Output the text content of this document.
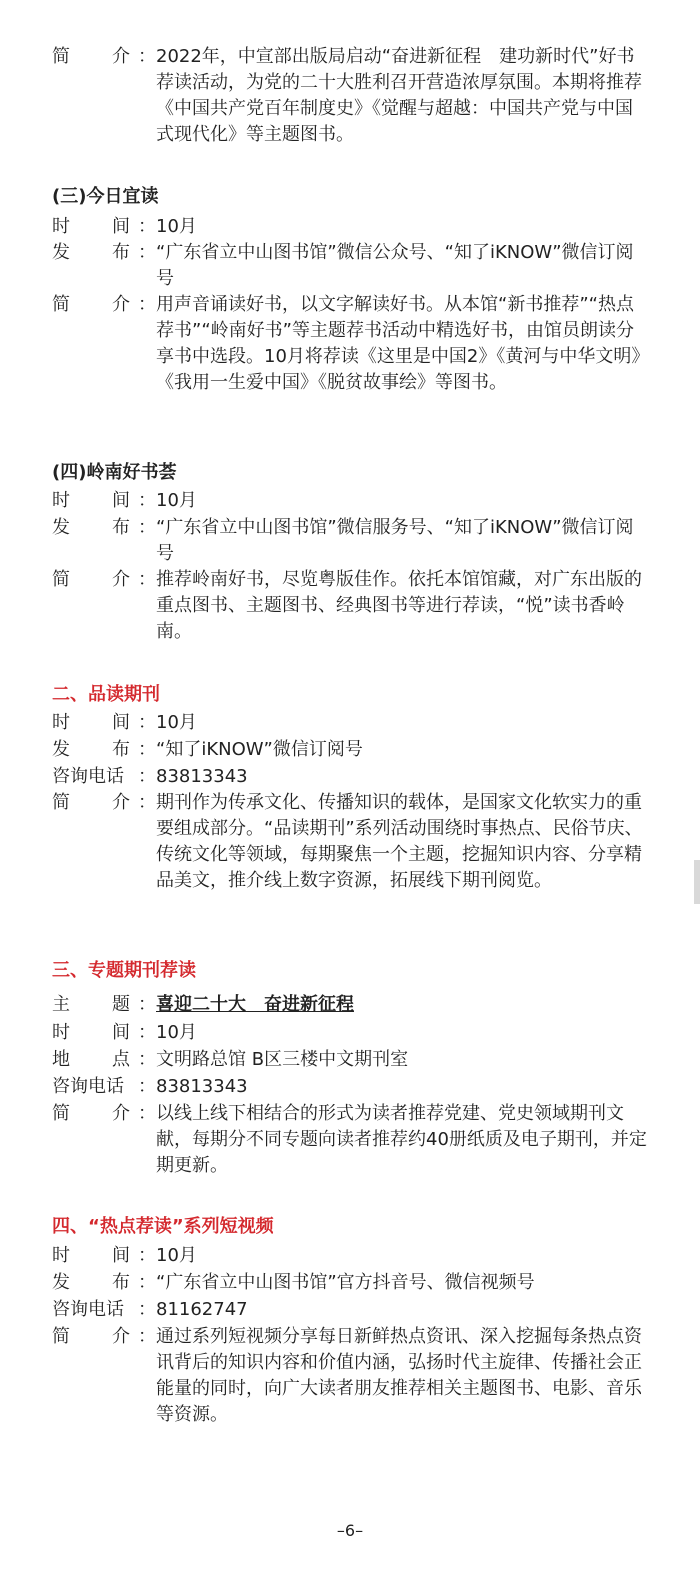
简 介 ： 2022年，中宣部出版局启动“奋进新征程　建功新时代”好书荐读活动，为党的二十大胜利召开营造浓厚氛围。本期将推荐《中国共产党百年制度史》《觉醒与超越：中国共产党与中国式现代化》等主题图书。
(三)今日宜读
时 间 ： 10月
发 布 ： “广东省立中山图书馆”微信公众号、“知了iKNOW”微信订阅号
简 介 ： 用声音诵读好书，以文字解读好书。从本馆“新书推荐”“热点荐书”“岭南好书”等主题荐书活动中精选好书，由馆员朗读分享书中选段。10月将荐读《这里是中国2》《黄河与中华文明》《我用一生爱中国》《脱贫故事绘》等图书。
(四)岭南好书荟
时 间 ： 10月
发 布 ： “广东省立中山图书馆”微信服务号、“知了iKNOW”微信订阅号
简 介 ： 推荐岭南好书，尽览粤版佳作。依托本馆馆藏，对广东出版的重点图书、主题图书、经典图书等进行荐读，“悦”读书香岭南。
二、品读期刊
时 间 ： 10月
发 布 ： “知了iKNOW”微信订阅号
咨询电话 ： 83813343
简 介 ： 期刊作为传承文化、传播知识的载体，是国家文化软实力的重要组成部分。“品读期刊”系列活动围绕时事热点、民俗节庆、传统文化等领域，每期聚焦一个主题，挖掘知识内容、分享精品美文，推介线上数字资源，拓展线下期刊阅览。
三、专题期刊荐读
主 题 ： 喜迎二十大　奋进新征程
时 间 ： 10月
地 点 ： 文明路总馆 B区三楼中文期刊室
咨询电话 ： 83813343
简 介 ： 以线上线下相结合的形式为读者推荐党建、党史领域期刊文献，每期分不同专题向读者推荐约40册纸质及电子期刊，并定期更新。
四、“热点荐读”系列短视频
时 间 ： 10月
发 布 ： “广东省立中山图书馆”官方抖音号、微信视频号
咨询电话 ： 81162747
简 介 ： 通过系列短视频分享每日新鲜热点资讯、深入挖掘每条热点资讯背后的知识内容和价值内涵，弘扬时代主旋律、传播社会正能量的同时，向广大读者朋友推荐相关主题图书、电影、音乐等资源。
–6–
